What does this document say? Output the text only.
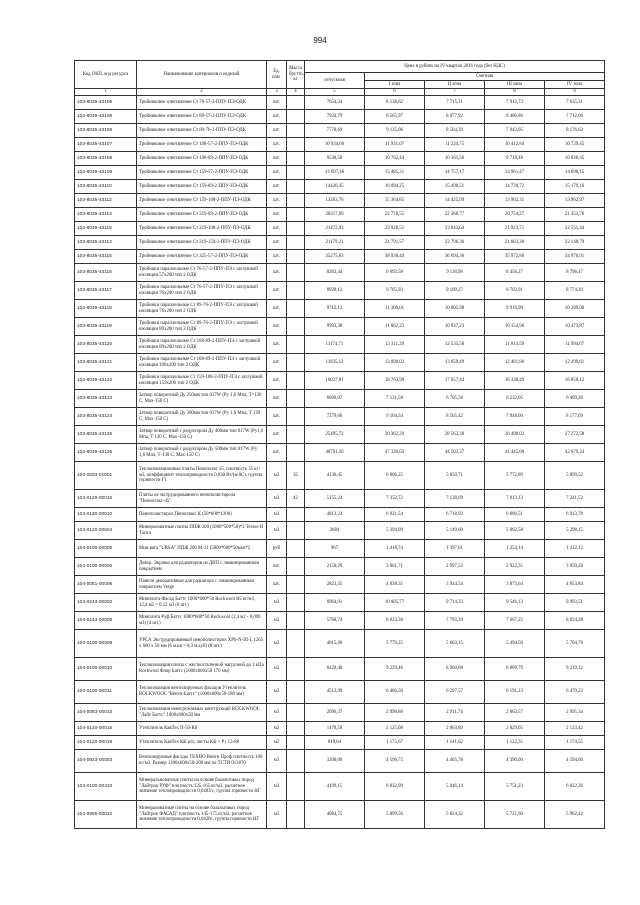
994
Код ОКП, код ресурса	Наименование материалов и изделий	Ед. изм.	Масса брутто, кг	Цена в рублях на IV квартал 2016 года (без НДС)				
				отпускная	Сметная			
					I зона	II зона	III зона	IV зона
1	2	3	4	5	6	7	8	9
103-8035-43106	Тройниковое ответвление Ст 76-57-2-ППУ-ПЭ-ОДК	шт.		7654,34	8 138,62	7 715,11	7 912,73	7 635,31
103-8035-43108	Тройниковое ответвление Ст 89-57-2-ППУ-ПЭ-ОДК	шт.		7934,79	8 565,97	8 077,92	8 406,86	7 712,06
103-8035-43106	Тройниковое ответвление Ст 89-76-2-ППУ-ПЭ-ОДК	шт.		7778,69	9 135,06	8 564,39	7 942,05	8 176,62
103-8035-43107	Тройниковое ответвление Ст 108-57-2-ППУ-ПЭ-ОДК	шт.		10 934,66	11 931,07	11 224,75	10 412,84	10 729,45
103-8035-43108	Тройниковое ответвление Ст 108-89-2-ППУ-ПЭ-ОДК	шт.		9538,58	10 762,44	10 161,56	9 718,48	10 028,45
103-8035-43109	Тройниковое ответвление Ст 159-57-2-ППУ-ПЭ-ОДК	шт.		13 697,46	15 485,31	14 757,17	13 961,47	14 098,15
103-8035-43110	Тройниковое ответвление Ст 159-89-2-ППУ-ПЭ-ОДК	шт.		14426,35	16 094,25	15 490,51	14 739,72	15 179,16
103-8035-43112	Тройниковое ответвление Ст 159-108-2-ППУ-ПЭ-ОДК	шт.		13283,76	15 364,85	14 425,99	13 962,31	13 962,97
103-8035-43113	Тройниковое ответвление Ст 219-89-2-ППУ-ПЭ-ОДК	шт.		20317,69	22 776,55	22 368,77	20 754,27	21 353,76
103-8035-43115	Тройниковое ответвление Ст 219-108-2-ППУ-ПЭ-ОДК	шт.		21472,93	23 928,51	23 643,64	21 923,71	22 551,44
103-8035-43113	Тройниковое ответвление Ст 219-159-2-ППУ-ПЭ-ОДК	шт.		21179,21	24 791,57	23 796,36	21 663,28	22 148,79
103-8035-43115	Тройниковое ответвление Ст 325-57-2-ППУ-ПЭ-ОДК	шт.		35275,63	38 938,44	36 694,36	35 972,80	34 976,91
103-8035-43116	Тройники параллельные Ст 76-57-2-ППУ-ПЭ с заглушкой изоляции 57х200 тип 2 ОДК	шт.		8262,44	9 692,58	9 118,98	8 456,27	8 796,47
103-8035-43117	Тройники параллельные Ст 76-57-2-ППУ-ПЭ с заглушкой изоляции 76х200 тип 2 ОДК	шт.		8928,12	9 765,93	9 109,27	8 703,91	8 774,20
103-8035-43118	Тройники параллельные Ст 89-76-2-ППУ-ПЭ с заглушкой изоляции 76х200 тип 2 ОДК	шт.		9712,13	11 360,01	10 605,98	9 916,99	10 289,00
103-8035-43119	Тройники параллельные Ст 89-76-2-ППУ-ПЭ с заглушкой изоляции 89х200 тип 2 ОДК	шт.		9993,38	11 662,23	10 937,23	10 154,96	10 473,87
103-8035-43120	Тройники параллельные Ст 108-89-2-ППУ-ПЭ с заглушкой изоляции 89х200 тип 2 ОДК	шт.		11174,71	13 311,29	12 533,58	11 613,59	11 994,67
103-8035-43121	Тройники параллельные Ст 108-89-2-ППУ-ПЭ с заглушкой изоляции 108х200 тип 2 ОДК	шт.		11835,12	13 890,02	13 059,49	12 481,86	12 499,61
103-8035-43122	Тройники параллельные Ст 159-108-2-ППУ-ПЭ с заглушкой изоляции 159х200 тип 2 ОДК	шт.		16037,61	18 763,99	17 657,44	16 338,49	16 850,12
103-8035-43123	Затвор поворотный Ду 250мм тип 017W (Ру 1,6 Мпа, Т=130 С, Мах-150 С)	шт.		6000,07	7 131,58	6 705,58	6 232,05	6 409,36
103-8035-43124	Затвор поворотный Ду 300мм тип 017W (Ру 1,6 Мпа, Т 130 С, Мах-150 С)	шт.		7279,66	9 104,34	8 565,42	7 948,00	8 177,69
103-8035-43125	Затвор поворотный с редуктором Ду 400мм тип 017W (Ру1,6 Мпа, Т 130 С, Мах-150 С)	шт.		25495,72	30 362,29	28 563,38	26 498,02	27 272,58
103-8035-43126	Затвор поворотный с редуктором Ду 500мм тип 017W (Ру 1,6 Мпа, Т-130 С, Мах-150 С)	шт.		40791,16	47 336,03	44 503,37	41 445,00	42 679,24
104-0203-01001	Теплоизоляционные плиты Пеноплэкс 35, плотность 35 кг/м3, коэффициент теплопроводности 0,030 Вт/(м.0С), группа горючести Г1	м3	35	4136,45	6 006,25	5 850,71	5 772,89	5 899,52
104-0129-00015	Плиты из экструдированного пенополистирола "Пеноплэкс-45"	м3	42	5155,24	7 352,72	7 138,69	7 013,13	7 241,52
104-0130-00010	Пенополистирол Пеноплекс К (50*600*1200)	м3		4813,24	6 921,54	6 718,93	6 606,51	6 913,78
104-0120-00504	Минераловатные плиты ППЖ 200 (1000*500*50)*3 Техно-Н Тагил	м3		3684	5 394,09	5 149,60	5 062,58	5 298,15
104-0100-00005	Мин.вата "URSA" ППЖ 200 М-11 (5000*600*50мм)*2	руб		967	1 418,74	1 397,61	1 354,14	1 412,15
104-0100-00006	Декор. Экраны для радиаторов из ДВП с ламинированным покрытием	шт.		2150,29	3 061,71	2 997,53	2 922,35	3 039,28
104-0051-00006	Панели декоративные для радиатора с ламинированным покрытием Verge	шт.		2823,35	4 038,35	3 944,54	3 873,64	4 053,84
104-0243-00002	Минплита Фасад Баттс 1000*600*50 Rockwool R5 кг/м3, 12,4 м2 = 0,12 м3 (8 шт.)	м3		6964,91	10 005,77	9 714,33	9 546,13	9 993,51
104-0243-00008	Минплита Руф Баттс 1000*600*50 Rockwool (2,4 м2 - 0,096 м3) (4 шт.)	м3		5768,74	8 023,38	7 793,39	7 667,25	8 024,38
104-0100-00009	УРСА Экструдированный пенополистирол XPS-N-III-L 1265 х 600 х 50 мм (6 м.кв = 0,3 м.куб) (8 шт.)	м3		4015,00	5 779,25	5 603,15	5 494,50	5 704,78
104-0100-00010	Теплоизоляция плиты с жесткостьтенной нагрузкой до 3 кПа Rockwool Флор Баттс (1000х600х50 170 мм)	м3		6420,48	9 229,46	8 960,68	8 809,79	9 219,12
104-0100-00011	Теплоизоляция вентилируемых фасадов Утеплитель ROCKWOOL "Венти-Баттс" (1000х600х50-180 мм)	м3		4512,99	6 486,50	6 297,57	6 191,23	6 479,23
104-0083-00013	Теплоизоляция ненагружаемых конструкций ROCKWOOL "Лайт Баттс" 1000х600х50 мм	м3		2096,37	2 998,86	2 911,74	2 862,57	2 995,34
104-0120-00016	Утеплитель КавТех П-50-Rб	м2		1478,50	2 125,08	2 063,89	2 029,05	2 123,42
104-0120-00018	Утеплитель КавТех КК р/п, листы КК + Р} 13-88	м2		819,84	1 175,67	1 141,62	1 122,35	1 174,55
104-0923-00003	Вентилируемые фасады ТЕХНО Венти Проф плотность 100 кг/м3. Размер 1200х600х50-200 мм по ТСТИ 013870	м3		3200,00	4 596,75	4 465,78	4 390,00	4 594,60
104-0100-00410	Минеральноватные плиты на основе базальтовых пород "Лайтрок РУФ" плотность 135-165 кг/м3, расчетное значение теплопроводности 0,0403/с, группа горючести НГ	м3		4199,15	6 032,99	5 846,14	5 751,23	6 022,36
104-0985-00012	Минераловатные плиты на основе базальтовых пород "Лайтрок ФАСАД" плотность 145-175 кг/м3, расчетное значение теплопроводности 0,0420с, группа горючести НГ	м3		4084,75	5 899,56	5 824,32	5 721,60	5 962,42
